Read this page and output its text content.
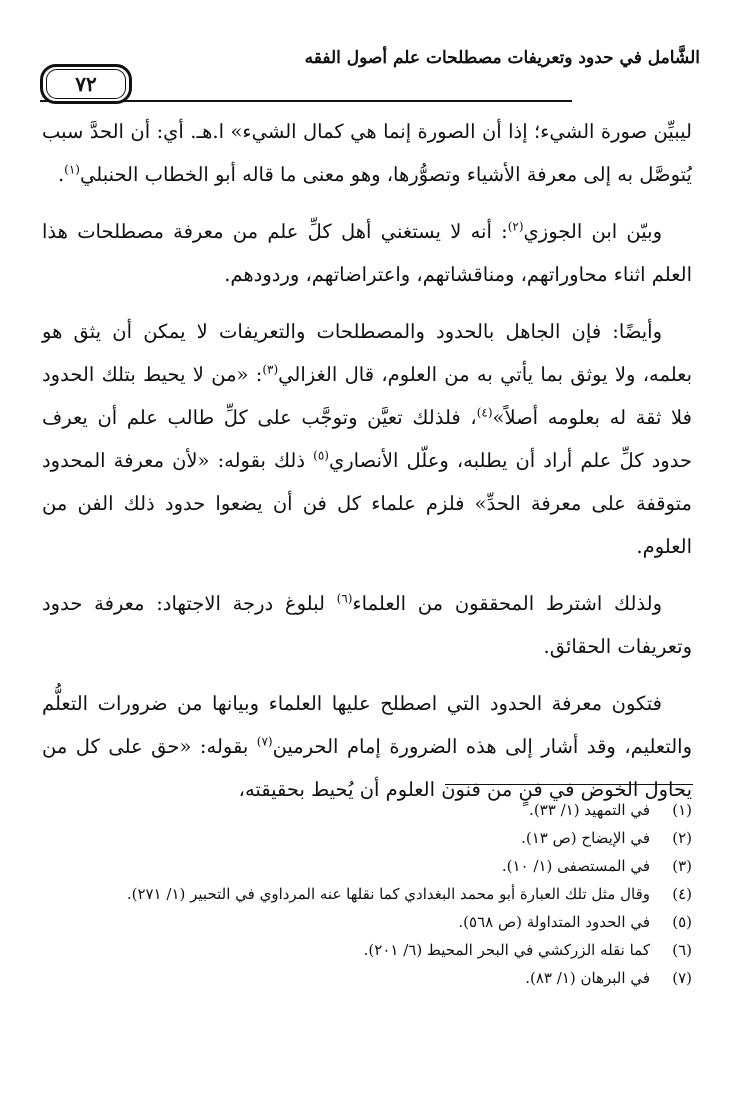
الشَّامل في حدود وتعريفات مصطلحات علم أصول الفقه
٧٢

ليبيِّن صورة الشيء؛ إذا أن الصورة إنما هي كمال الشيء» ا.هـ. أي: أن الحدَّ سبب يُتوصَّل به إلى معرفة الأشياء وتصوُّرها، وهو معنى ما قاله أبو الخطاب الحنبلي$^{(١)}$.

وبيّن ابن الجوزي$^{(٢)}$: أنه لا يستغني أهل كلِّ علم من معرفة مصطلحات هذا العلم اثناء محاوراتهم، ومناقشاتهم، واعتراضاتهم، وردودهم.

وأيضًا: فإن الجاهل بالحدود والمصطلحات والتعريفات لا يمكن أن يثق هو بعلمه، ولا يوثق بما يأتي به من العلوم، قال الغزالي$^{(٣)}$: «من لا يحيط بتلك الحدود فلا ثقة له بعلومه أصلاً»$^{(٤)}$، فلذلك تعيَّن وتوجَّب على كلِّ طالب علم أن يعرف حدود كلِّ علم أراد أن يطلبه، وعلّل الأنصاري$^{(٥)}$ ذلك بقوله: «لأن معرفة المحدود متوقفة على معرفة الحدِّ» فلزم علماء كل فن أن يضعوا حدود ذلك الفن من العلوم.

ولذلك اشترط المحققون من العلماء$^{(٦)}$ لبلوغ درجة الاجتهاد: معرفة حدود وتعريفات الحقائق.

فتكون معرفة الحدود التي اصطلح عليها العلماء وبيانها من ضرورات التعلُّم والتعليم، وقد أشار إلى هذه الضرورة إمام الحرمين$^{(٧)}$ بقوله: «حق على كل من يحاول الخوض في فنٍ من فنون العلوم أن يُحيط بحقيقته،

(١)
في التمهيد (١/ ٣٣).
(٢)
في الإيضاح (ص ١٣).
(٣)
في المستصفى (١/ ١٠).
(٤)
وقال مثل تلك العبارة أبو محمد البغدادي كما نقلها عنه المرداوي في التحبير (١/ ٢٧١).
(٥)
في الحدود المتداولة (ص ٥٦٨).
(٦)
كما نقله الزركشي في البحر المحيط (٦/ ٢٠١).
(٧)
في البرهان (١/ ٨٣).
